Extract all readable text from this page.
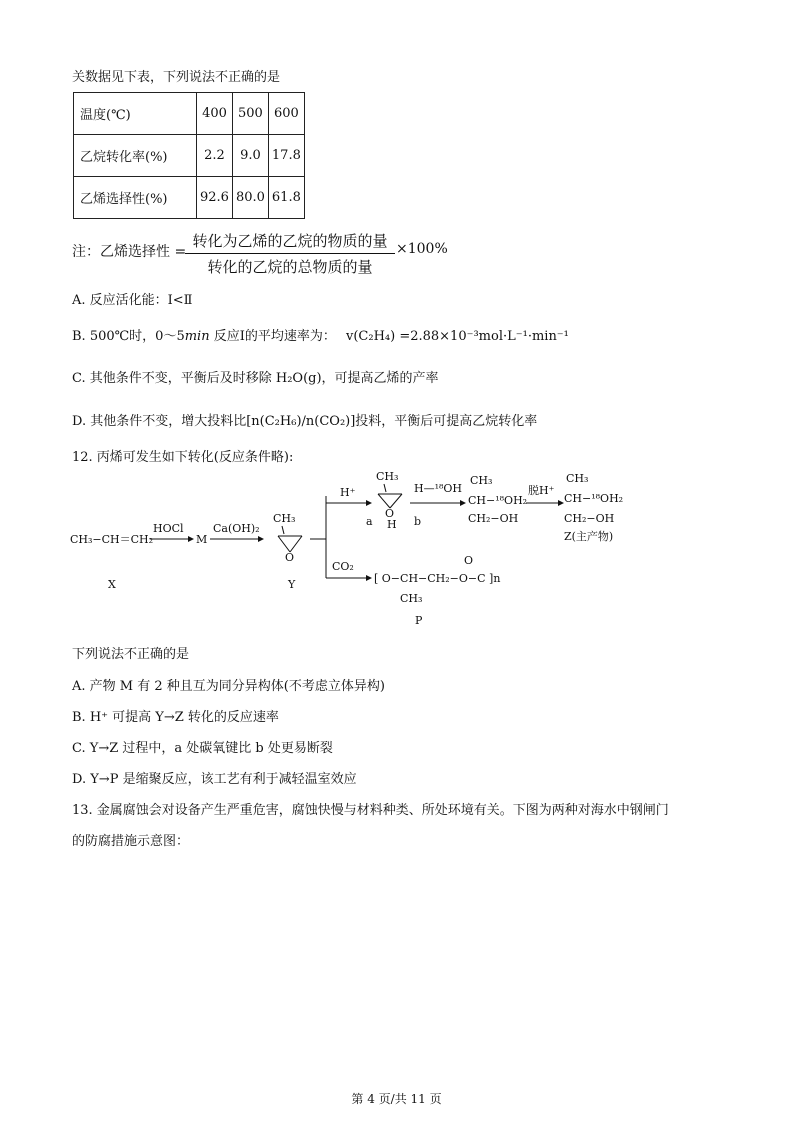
关数据见下表，下列说法不正确的是
温度(℃)	400	500	600
乙烷转化率(%)	2.2	9.0	17.8
乙烯选择性(%)	92.6	80.0	61.8
注：乙烯选择性 =
转化为乙烯的乙烷的物质的量
转化的乙烷的总物质的量
×100%
A. 反应活化能：Ⅰ<Ⅱ
B. 500℃时，0～5min 反应Ⅰ的平均速率为： v(C₂H₄) =2.88×10⁻³mol·L⁻¹·min⁻¹
C. 其他条件不变，平衡后及时移除 H₂O(g)，可提高乙烯的产率
D. 其他条件不变，增大投料比[n(C₂H₆)/n(CO₂)]投料，平衡后可提高乙烷转化率
12. 丙烯可发生如下转化(反应条件略):
CH₃−CH＝CH₂
X
HOCl
M
Ca(OH)₂
CH₃
O
Y
H⁺
CH₃
O
H
a	b
H—¹⁸OH
CH₃
CH−¹⁸OH₂
CH₂−OH
脱H⁺
CH₃
CH−¹⁸OH₂
CH₂−OH
Z(主产物)
CO₂
[ O−CH−CH₂−O−C ]n
O
CH₃
P
下列说法不正确的是
A. 产物 M 有 2 种且互为同分异构体(不考虑立体异构)
B. H⁺ 可提高 Y→Z 转化的反应速率
C. Y→Z 过程中，a 处碳氧键比 b 处更易断裂
D. Y→P 是缩聚反应，该工艺有利于减轻温室效应
13. 金属腐蚀会对设备产生严重危害，腐蚀快慢与材料种类、所处环境有关。下图为两种对海水中钢闸门
的防腐措施示意图：
第 4 页/共 11 页
